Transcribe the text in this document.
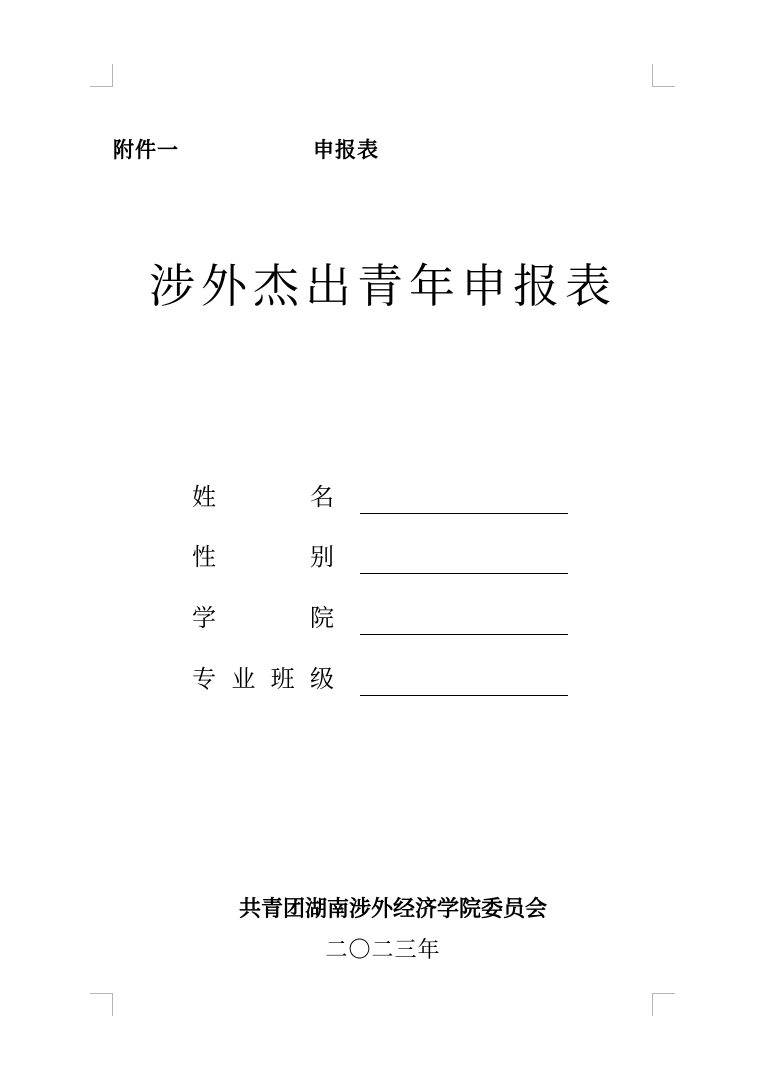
附件一	申报表
涉外杰出青年申报表
姓	名
性	别
学	院
专 业 班 级
共青团湖南涉外经济学院委员会
二〇二三年
